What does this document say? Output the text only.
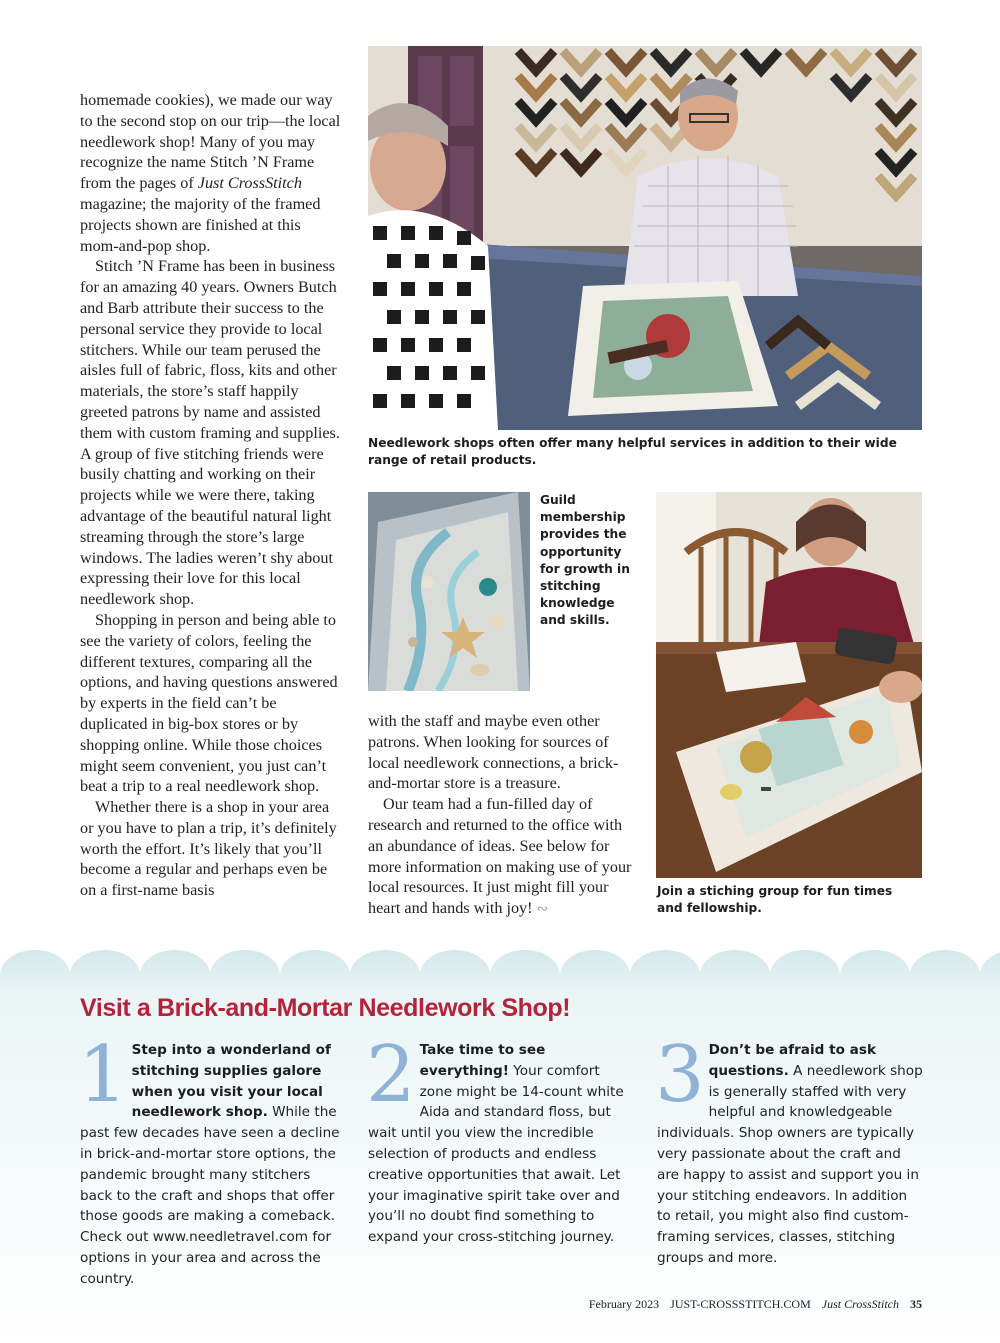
homemade cookies), we made our way to the second stop on our trip—the local needlework shop! Many of you may recognize the name Stitch ’N Frame from the pages of Just CrossStitch magazine; the majority of the framed projects shown are finished at this mom-and-pop shop.

Stitch ’N Frame has been in business for an amazing 40 years. Owners Butch and Barb attribute their success to the personal service they provide to local stitchers. While our team perused the aisles full of fabric, floss, kits and other materials, the store’s staff happily greeted patrons by name and assisted them with custom framing and supplies. A group of five stitching friends were busily chatting and working on their projects while we were there, taking advantage of the beautiful natural light streaming through the store’s large windows. The ladies weren’t shy about expressing their love for this local needlework shop.

Shopping in person and being able to see the variety of colors, feeling the different textures, comparing all the options, and having questions answered by experts in the field can’t be duplicated in big-box stores or by shopping online. While those choices might seem convenient, you just can’t beat a trip to a real needlework shop.

Whether there is a shop in your area or you have to plan a trip, it’s definitely worth the effort. It’s likely that you’ll become a regular and perhaps even be on a first-name basis

Needlework shops often offer many helpful services in addition to their wide range of retail products.
Guild membership provides the opportunity for growth in stitching knowledge and skills.

with the staff and maybe even other patrons. When looking for sources of local needlework connections, a brick-and-mortar store is a treasure.

Our team had a fun-filled day of research and returned to the office with an abundance of ideas. See below for more information on making use of your local resources. It just might fill your heart and hands with joy! ∾

Join a stiching group for fun times and fellowship.
Visit a Brick-and-Mortar Needlework Shop!
1 Step into a wonderland of stitching supplies galore when you visit your local needlework shop. While the past few decades have seen a decline in brick-and-mortar store options, the pandemic brought many stitchers back to the craft and shops that offer those goods are making a comeback. Check out www.needletravel.com for options in your area and across the country.
2 Take time to see everything! Your comfort zone might be 14-count white Aida and standard floss, but wait until you view the incredible selection of products and endless creative opportunities that await. Let your imaginative spirit take over and you’ll no doubt find something to expand your cross-stitching journey.
3 Don’t be afraid to ask questions. A needlework shop is generally staffed with very helpful and knowledgeable individuals. Shop owners are typically very passionate about the craft and are happy to assist and support you in your stitching endeavors. In addition to retail, you might also find custom-framing services, classes, stitching groups and more.
February 2023 JUST-CROSSSTITCH.COM Just CrossStitch 35
